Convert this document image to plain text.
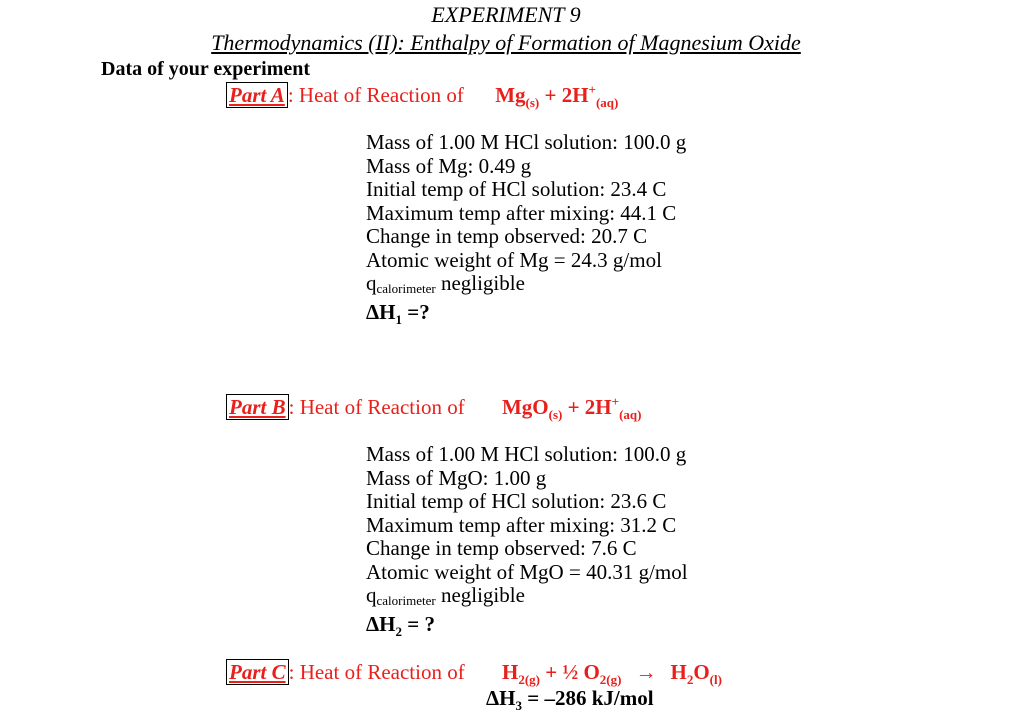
EXPERIMENT 9
Thermodynamics (II): Enthalpy of Formation of Magnesium Oxide
Data of your experiment
Part A : Heat of Reaction of $Mg_{(s)} + 2H^+_{(aq)}$
Mass of 1.00 M HCl solution: 100.0 g
Mass of Mg: 0.49 g
Initial temp of HCl solution: 23.4 C
Maximum temp after mixing: 44.1 C
Change in temp observed: 20.7 C
Atomic weight of Mg = 24.3 g/mol
qcalorimeter negligible
$\Delta H_1$ =?
Part B : Heat of Reaction of $MgO_{(s)} + 2H^+_{(aq)}$
Mass of 1.00 M HCl solution: 100.0 g
Mass of MgO: 1.00 g
Initial temp of HCl solution: 23.6 C
Maximum temp after mixing: 31.2 C
Change in temp observed: 7.6 C
Atomic weight of MgO = 40.31 g/mol
qcalorimeter negligible
$\Delta H_2$ = ?
Part C : Heat of Reaction of $H_{2(g)}$ + ½ $O_{2(g)} \to H_2O_{(l)}$
$\Delta H_3 = -286$ kJ/mol
